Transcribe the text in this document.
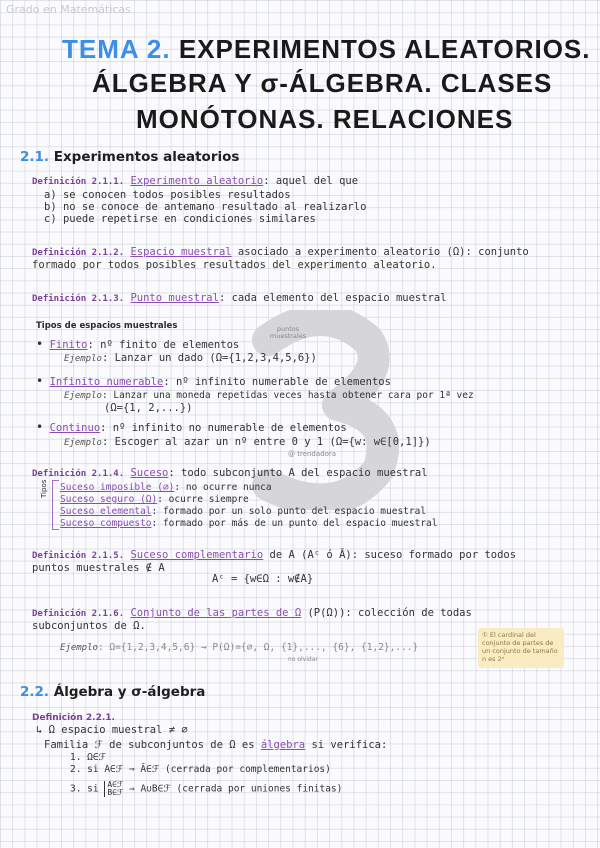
Grado en Matemáticas
TEMA 2. EXPERIMENTOS ALEATORIOS.
ÁLGEBRA Y σ-ÁLGEBRA. CLASES
MONÓTONAS. RELACIONES
2.1. Experimentos aleatorios
Definición 2.1.1. Experimento aleatorio: aquel del que
a) se conocen todos posibles resultados
b) no se conoce de antemano resultado al realizarlo
c) puede repetirse en condiciones similares
Definición 2.1.2. Espacio muestral asociado a experimento aleatorio (Ω): conjunto
formado por todos posibles resultados del experimento aleatorio.
Definición 2.1.3. Punto muestral: cada elemento del espacio muestral
Tipos de espacios muestrales	puntos muestrales
• Finito: nº finito de elementos
Ejemplo: Lanzar un dado (Ω={1,2,3,4,5,6})
• Infinito numerable: nº infinito numerable de elementos
Ejemplo: Lanzar una moneda repetidas veces hasta obtener cara por 1ª vez
(Ω={1, 2,...})
• Continuo: nº infinito no numerable de elementos
Ejemplo: Escoger al azar un nº entre 0 y 1 (Ω={w: w∈[0,1]})
@ trendadora
Definición 2.1.4. Suceso: todo subconjunto A del espacio muestral
Tipos Suceso imposible (∅): no ocurre nunca
Suceso seguro (Ω): ocurre siempre
Suceso elemental: formado por un solo punto del espacio muestral
Suceso compuesto: formado por más de un punto del espacio muestral
Definición 2.1.5. Suceso complementario de A (Aᶜ ó Ā): suceso formado por todos
puntos muestrales ∉ A
Aᶜ = {w∈Ω : w∉A}
Definición 2.1.6. Conjunto de las partes de Ω (P(Ω)): colección de todas
subconjuntos de Ω.
Ejemplo: Ω={1,2,3,4,5,6} → P(Ω)={∅, Ω, {1},..., {6}, {1,2},...}
no olvidar
① El cardinal del conjunto de partes de un conjunto de tamaño n es 2ⁿ
2.2. Álgebra y σ-álgebra
Definición 2.2.1.
↳ Ω espacio muestral ≠ ∅
Familia ℱ de subconjuntos de Ω es álgebra si verifica:
1. Ω∈ℱ
2. si A∈ℱ ⇒ Ā∈ℱ (cerrada por complementarios)
3. si A∈ℱ
B∈ℱ ⇒ A∪B∈ℱ (cerrada por uniones finitas)
